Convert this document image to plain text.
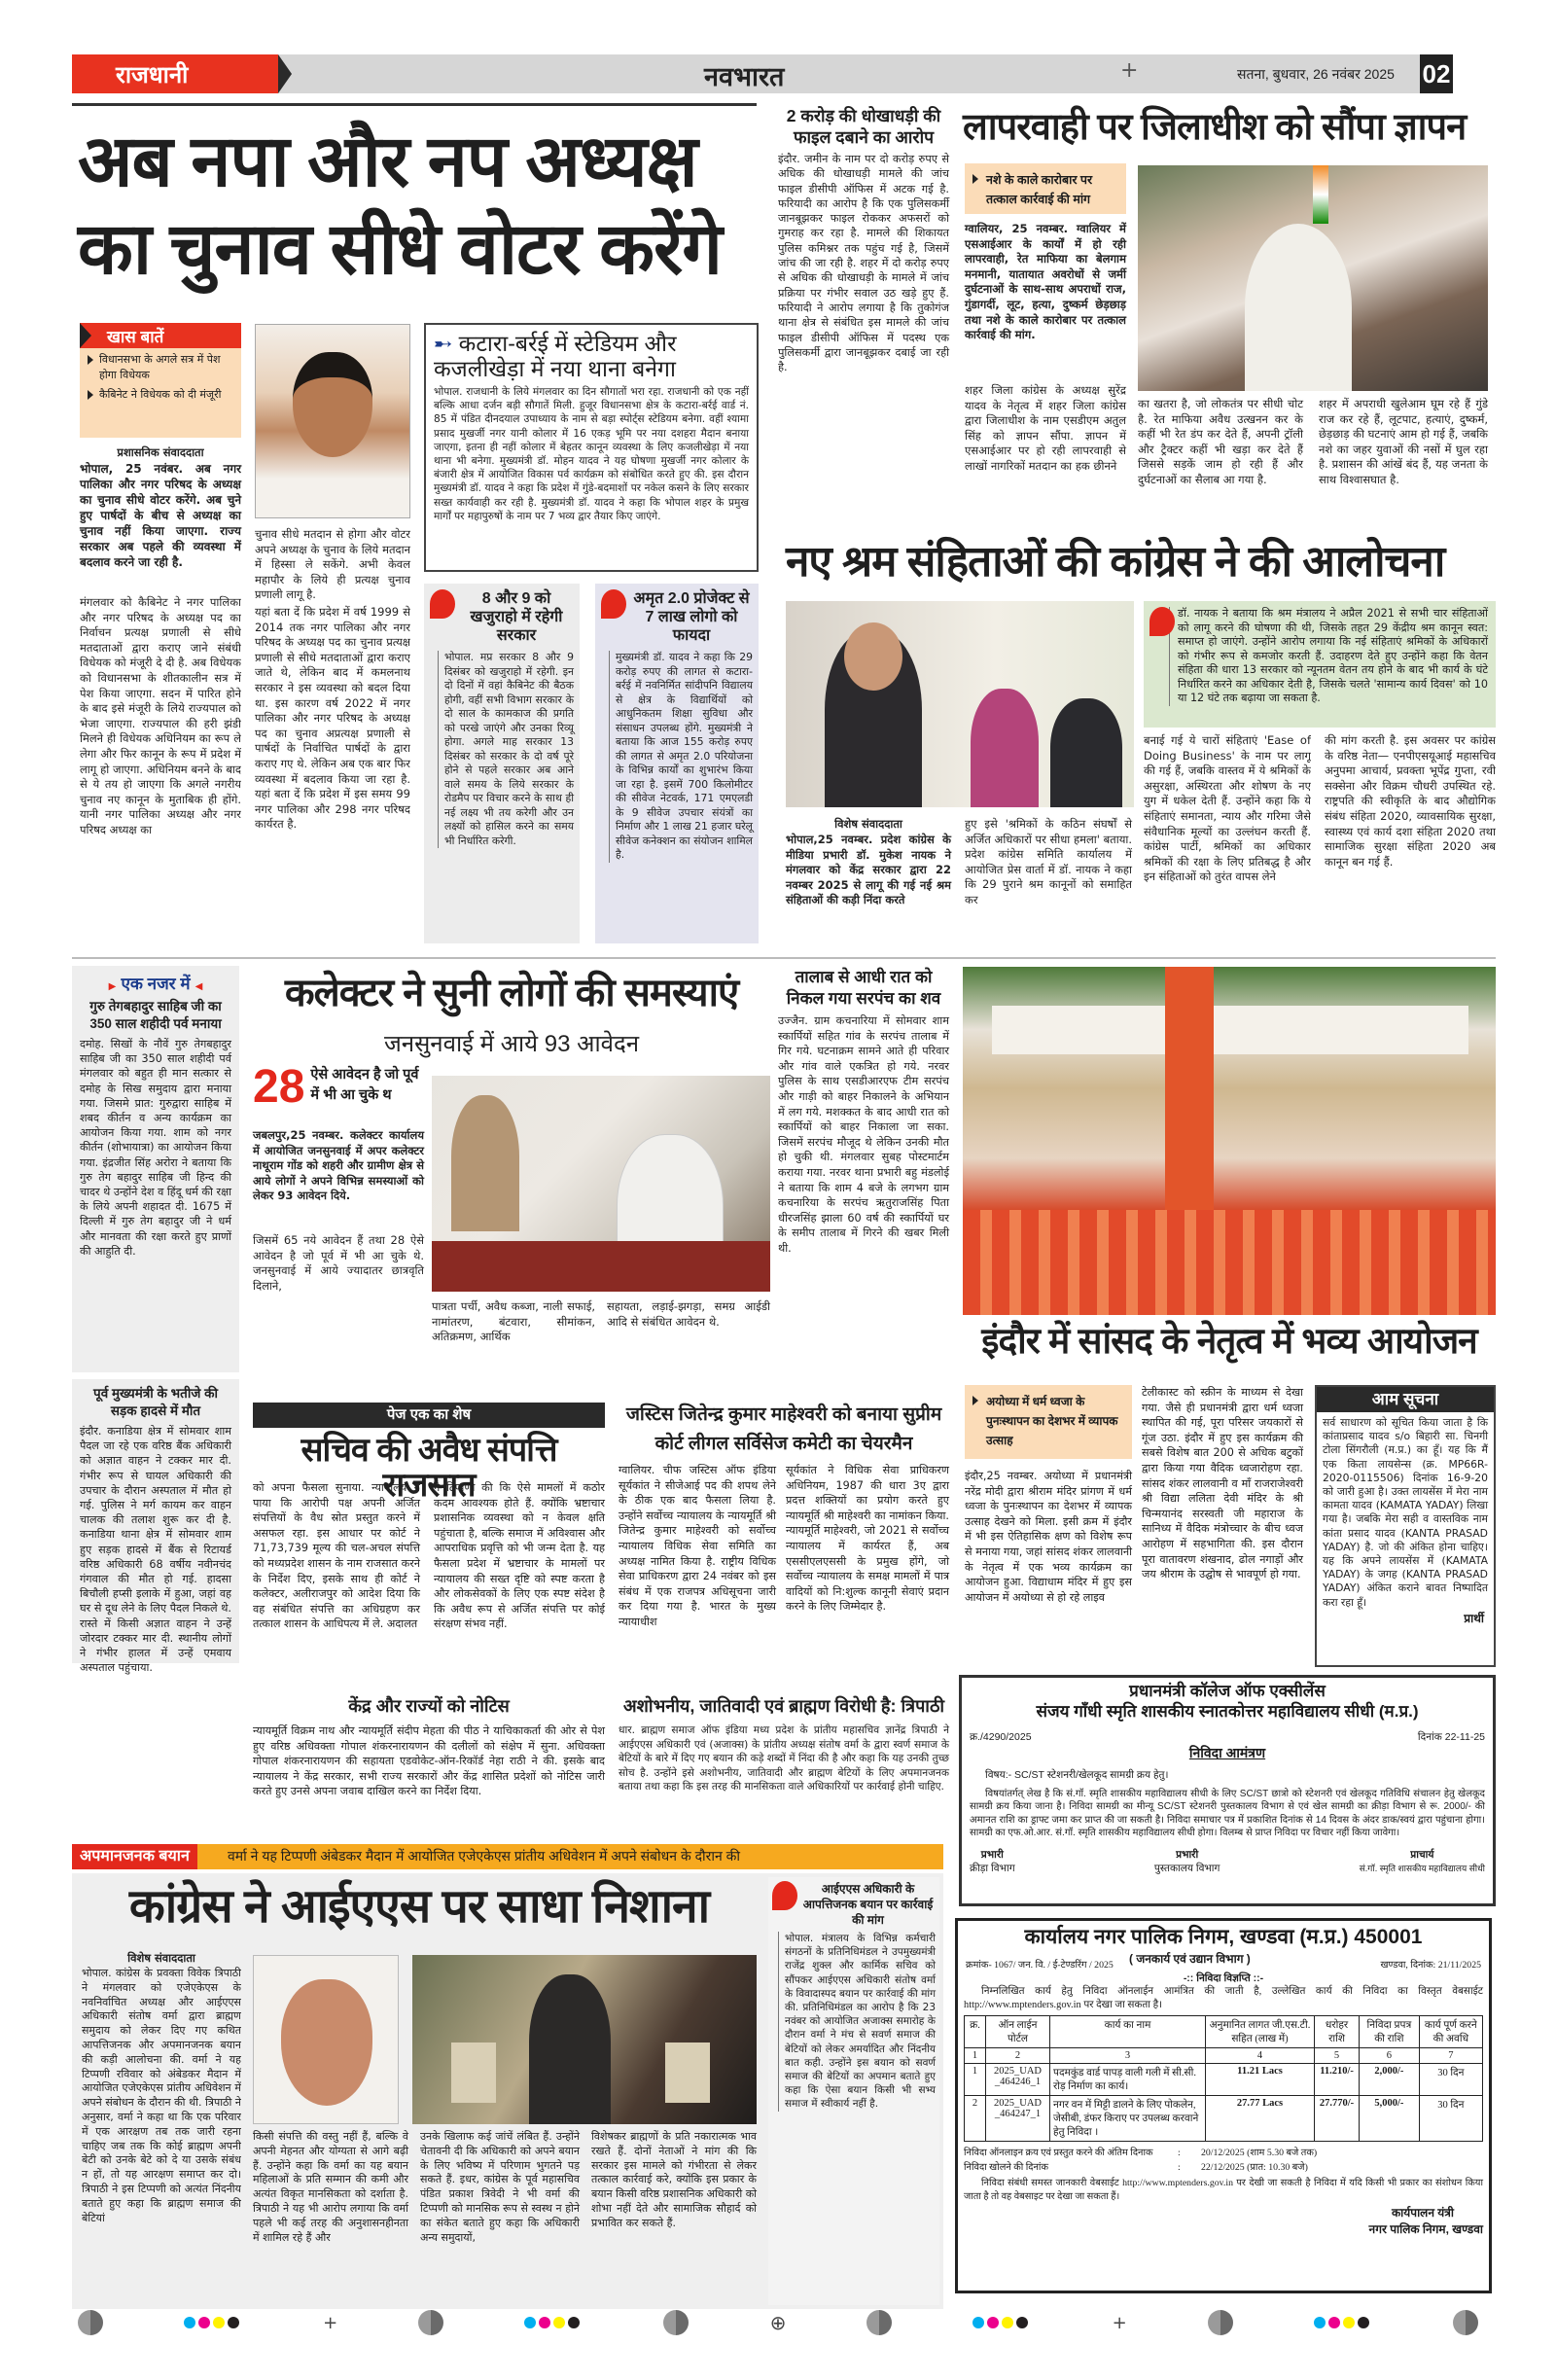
राजधानी	नवभारत	+	सतना, बुधवार, 26 नवंबर 2025 02
अब नपा और नप अध्यक्ष का चुनाव सीधे वोटर करेंगे
खास बातें
विधानसभा के अगले सत्र में पेश होगा विधेयक
कैबिनेट ने विधेयक को दी मंजूरी
प्रशासनिक संवाददाता
भोपाल, 25 नवंबर. अब नगर पालिका और नगर परिषद के अध्यक्ष का चुनाव सीधे वोटर करेंगे. अब चुने हुए पार्षदों के बीच से अध्यक्ष का चुनाव नहीं किया जाएगा. राज्य सरकार अब पहले की व्यवस्था में बदलाव करने जा रही है.
मंगलवार को कैबिनेट ने नगर पालिका और नगर परिषद के अध्यक्ष पद का निर्वाचन प्रत्यक्ष प्रणाली से सीधे मतदाताओं द्वारा कराए जाने संबंधी विधेयक को मंजूरी दे दी है. अब विधेयक को विधानसभा के शीतकालीन सत्र में पेश किया जाएगा. सदन में पारित होने के बाद इसे मंजूरी के लिये राज्यपाल को भेजा जाएगा. राज्यपाल की हरी झंडी मिलने ही विधेयक अधिनियम का रूप ले लेगा और फिर कानून के रूप में प्रदेश में लागू हो जाएगा. अधिनियम बनने के बाद से ये तय हो जाएगा कि अगले नगरीय चुनाव नए कानून के मुताबिक ही होंगे. यानी नगर पालिका अध्यक्ष और नगर परिषद अध्यक्ष का
चुनाव सीधे मतदान से होगा और वोटर अपने अध्यक्ष के चुनाव के लिये मतदान में हिस्सा ले सकेंगे. अभी केवल महापौर के लिये ही प्रत्यक्ष चुनाव प्रणाली लागू है.
यहां बता दें कि प्रदेश में वर्ष 1999 से 2014 तक नगर पालिका और नगर परिषद के अध्यक्ष पद का चुनाव प्रत्यक्ष प्रणाली से सीधे मतदाताओं द्वारा कराए जाते थे, लेकिन बाद में कमलनाथ सरकार ने इस व्यवस्था को बदल दिया था. इस कारण वर्ष 2022 में नगर पालिका और नगर परिषद के अध्यक्ष पद का चुनाव अप्रत्यक्ष प्रणाली से पार्षदों के निर्वाचित पार्षदों के द्वारा कराए गए थे. लेकिन अब एक बार फिर व्यवस्था में बदलाव किया जा रहा है. यहां बता दें कि प्रदेश में इस समय 99 नगर पालिका और 298 नगर परिषद कार्यरत है.
➸ कटारा-बर्रई में स्टेडियम और कजलीखेड़ा में नया थाना बनेगा
भोपाल. राजधानी के लिये मंगलवार का दिन सौगातों भरा रहा. राजधानी को एक नहीं बल्कि आधा दर्जन बड़ी सौगातें मिली. हुजूर विधानसभा क्षेत्र के कटारा-बर्रई वार्ड नं. 85 में पंडित दीनदयाल उपाध्याय के नाम से बड़ा स्पोर्ट्स स्टेडियम बनेगा. वहीं श्यामा प्रसाद मुखर्जी नगर यानी कोलार में 16 एकड़ भूमि पर नया दशहरा मैदान बनाया जाएगा, इतना ही नहीं कोलार में बेहतर कानून व्यवस्था के लिए कजलीखेड़ा में नया थाना भी बनेगा. मुख्यमंत्री डॉ. मोहन यादव ने यह घोषणा मुखर्जी नगर कोलार के बंजारी क्षेत्र में आयोजित विकास पर्व कार्यक्रम को संबोधित करते हुए की. इस दौरान मुख्यमंत्री डॉ. यादव ने कहा कि प्रदेश में गुंडे-बदमाशों पर नकेल कसने के लिए सरकार सख्त कार्यवाही कर रही है. मुख्यमंत्री डॉ. यादव ने कहा कि भोपाल शहर के प्रमुख मार्गों पर महापुरुषों के नाम पर 7 भव्य द्वार तैयार किए जाएंगे.
8 और 9 को खजुराहो में रहेगी सरकार
भोपाल. मप्र सरकार 8 और 9 दिसंबर को खजुराहो में रहेगी. इन दो दिनों में वहां कैबिनेट की बैठक होगी, वहीं सभी विभाग सरकार के दो साल के कामकाज की प्रगति को परखे जाएंगे और उनका रिव्यू होगा. अगले माह सरकार 13 दिसंबर को सरकार के दो वर्ष पूरे होने से पहले सरकार अब आने वाले समय के लिये सरकार के रोडमैप पर विचार करने के साथ ही नई लक्ष्य भी तय करेगी और उन लक्ष्यों को हासिल करने का समय भी निर्धारित करेगी.
अमृत 2.0 प्रोजेक्ट से 7 लाख लोगो को फायदा
मुख्यमंत्री डॉ. यादव ने कहा कि 29 करोड़ रुपए की लागत से कटारा-बर्रई में नवनिर्मित सांदीपनि विद्यालय से क्षेत्र के विद्यार्थियों को आधुनिकतम शिक्षा सुविधा और संसाधन उपलब्ध होंगे. मुख्यमंत्री ने बताया कि आज 155 करोड़ रुपए की लागत से अमृत 2.0 परियोजना के विभिन्न कार्यों का शुभारंभ किया जा रहा है. इसमें 700 किलोमीटर की सीवेज नेटवर्क, 171 एमएलडी के 9 सीवेज उपचार संयंत्रों का निर्माण और 1 लाख 21 हजार घरेलू सीवेज कनेक्शन का संयोजन शामिल है.
2 करोड़ की धोखाधड़ी की फाइल दबाने का आरोप
इंदौर. जमीन के नाम पर दो करोड़ रुपए से अधिक की धोखाधड़ी मामले की जांच फाइल डीसीपी ऑफिस में अटक गई है. फरियादी का आरोप है कि एक पुलिसकर्मी जानबूझकर फाइल रोककर अफसरों को गुमराह कर रहा है. मामले की शिकायत पुलिस कमिश्नर तक पहुंच गई है, जिसमें जांच की जा रही है. शहर में दो करोड़ रुपए से अधिक की धोखाधड़ी के मामले में जांच प्रक्रिया पर गंभीर सवाल उठ खड़े हुए हैं. फरियादी ने आरोप लगाया है कि तुकोगंज थाना क्षेत्र से संबंधित इस मामले की जांच फाइल डीसीपी ऑफिस में पदस्थ एक पुलिसकर्मी द्वारा जानबूझकर दबाई जा रही है.
लापरवाही पर जिलाधीश को सौंपा ज्ञापन
नशे के काले कारोबार पर तत्काल कार्रवाई की मांग
ग्वालियर, 25 नवम्बर. ग्वालियर में एसआईआर के कार्यों में हो रही लापरवाही, रेत माफिया का बेलगाम मनमानी, यातायात अवरोधों से जर्मी दुर्घटनाओं के साथ-साथ अपराधों राज, गुंडागर्दी, लूट, हत्या, दुष्कर्म छेड़छाड़ तथा नशे के काले कारोबार पर तत्काल कार्रवाई की मांग.
शहर जिला कांग्रेस के अध्यक्ष सुरेंद्र यादव के नेतृत्व में शहर जिला कांग्रेस द्वारा जिलाधीश के नाम एसडीएम अतुल सिंह को ज्ञापन सौंपा. ज्ञापन में एसआईआर पर हो रही लापरवाही से लाखों नागरिकों मतदान का हक छीनने
का खतरा है, जो लोकतंत्र पर सीधी चोट है. रेत माफिया अवैध उत्खनन कर के कहीं भी रेत डंप कर देते हैं, अपनी ट्रॉली और ट्रैक्टर कहीं भी खड़ा कर देते हैं जिससे सड़कें जाम हो रही हैं और दुर्घटनाओं का सैलाब आ गया है.
शहर में अपराधी खुलेआम घूम रहे हैं गुंडे राज कर रहे हैं, लूटपाट, हत्याएं, दुष्कर्म, छेड़छाड़ की घटनाएं आम हो गई हैं, जबकि नशे का जहर युवाओं की नसों में घुल रहा है. प्रशासन की आंखें बंद हैं, यह जनता के साथ विश्वासघात है.
नए श्रम संहिताओं की कांग्रेस ने की आलोचना
डॉ. नायक ने बताया कि श्रम मंत्रालय ने अप्रैल 2021 से सभी चार संहिताओं को लागू करने की घोषणा की थी, जिसके तहत 29 केंद्रीय श्रम कानून स्वत: समाप्त हो जाएंगे. उन्होंने आरोप लगाया कि नई संहिताएं श्रमिकों के अधिकारों को गंभीर रूप से कमजोर करती हैं. उदाहरण देते हुए उन्होंने कहा कि वेतन संहिता की धारा 13 सरकार को न्यूनतम वेतन तय होने के बाद भी कार्य के घंटे निर्धारित करने का अधिकार देती है, जिसके चलते 'सामान्य कार्य दिवस' को 10 या 12 घंटे तक बढ़ाया जा सकता है.
विशेष संवाददाता
भोपाल,25 नवम्बर. प्रदेश कांग्रेस के मीडिया प्रभारी डॉ. मुकेश नायक ने मंगलवार को केंद्र सरकार द्वारा 22 नवम्बर 2025 से लागू की गई नई श्रम संहिताओं की कड़ी निंदा करते
हुए इसे 'श्रमिकों के कठिन संघर्षों से अर्जित अधिकारों पर सीधा हमला' बताया. प्रदेश कांग्रेस समिति कार्यालय में आयोजित प्रेस वार्ता में डॉ. नायक ने कहा कि 29 पुराने श्रम कानूनों को समाहित कर
बनाई गई ये चारों संहिताएं 'Ease of Doing Business' के नाम पर लागू की गई हैं, जबकि वास्तव में ये श्रमिकों के असुरक्षा, अस्थिरता और शोषण के नए युग में धकेल देती हैं. उन्होंने कहा कि ये संहिताएं समानता, न्याय और गरिमा जैसे संवैधानिक मूल्यों का उल्लंघन करती हैं. कांग्रेस पार्टी, श्रमिकों का अधिकार श्रमिकों की रक्षा के लिए प्रतिबद्ध है और इन संहिताओं को तुरंत वापस लेने
की मांग करती है. इस अवसर पर कांग्रेस के वरिष्ठ नेता— एनपीएसयूआई महासचिव अनुपमा आचार्य, प्रवक्ता भूपेंद्र गुप्ता, रवी सक्सेना और विक्रम चौधरी उपस्थित रहे. राष्ट्रपति की स्वीकृति के बाद औद्योगिक संबंध संहिता 2020, व्यावसायिक सुरक्षा, स्वास्थ्य एवं कार्य दशा संहिता 2020 तथा सामाजिक सुरक्षा संहिता 2020 अब कानून बन गई हैं.
▶ एक नजर में ◀
गुरु तेगबहादुर साहिब जी का 350 साल शहीदी पर्व मनाया
दमोह. सिखों के नौवें गुरु तेगबहादुर साहिब जी का 350 साल शहीदी पर्व मंगलवार को बहुत ही मान सत्कार से दमोह के सिख समुदाय द्वारा मनाया गया. जिसमे प्रात: गुरुद्वारा साहिब में शबद कीर्तन व अन्य कार्यक्रम का आयोजन किया गया. शाम को नगर कीर्तन (शोभायात्रा) का आयोजन किया गया. इंद्रजीत सिंह अरोरा ने बताया कि गुरु तेग बहादुर साहिब जी हिन्द की चादर थे उन्होंने देश व हिंदू धर्म की रक्षा के लिये अपनी शहादत दी. 1675 में दिल्ली में गुरु तेग बहादुर जी ने धर्म और मानवता की रक्षा करते हुए प्राणों की आहुति दी.
पूर्व मुख्यमंत्री के भतीजे की सड़क हादसे में मौत
इंदौर. कनाडिया क्षेत्र में सोमवार शाम पैदल जा रहे एक वरिष्ठ बैंक अधिकारी को अज्ञात वाहन ने टक्कर मार दी. गंभीर रूप से घायल अधिकारी की उपचार के दौरान अस्पताल में मौत हो गई. पुलिस ने मर्ग कायम कर वाहन चालक की तलाश शुरू कर दी है. कनाडिया थाना क्षेत्र में सोमवार शाम हुए सड़क हादसे में बैंक से रिटायर्ड वरिष्ठ अधिकारी 68 वर्षीय नवीनचंद गंगवाल की मौत हो गई. हादसा बिचौली हप्सी इलाके में हुआ, जहां वह घर से दूध लेने के लिए पैदल निकले थे. रास्ते में किसी अज्ञात वाहन ने उन्हें जोरदार टक्कर मार दी. स्थानीय लोगों ने गंभीर हालत में उन्हें एमवाय अस्पताल पहुंचाया.
कलेक्टर ने सुनी लोगों की समस्याएं
जनसुनवाई में आये 93 आवेदन
28 ऐसे आवेदन है जो पूर्व में भी आ चुके थ
जबलपुर,25 नवम्बर. कलेक्टर कार्यालय में आयोजित जनसुनवाई में अपर कलेक्टर नाथूराम गोंड को शहरी और ग्रामीण क्षेत्र से आये लोगों ने अपने विभिन्न समस्याओं को लेकर 93 आवेदन दिये.
जिसमें 65 नये आवेदन हैं तथा 28 ऐसे आवेदन है जो पूर्व में भी आ चुके थे. जनसुनवाई में आये ज्यादातर छात्रवृति दिलाने,
पात्रता पर्ची, अवैध कब्जा, नाली सफाई, नामांतरण, बंटवारा, सीमांकन, अतिक्रमण, आर्थिक
सहायता, लड़ाई-झगड़ा, समग्र आईडी आदि से संबंधित आवेदन थे.
तालाब से आधी रात को निकल गया सरपंच का शव
उज्जैन. ग्राम कचनारिया में सोमवार शाम स्कार्पियों सहित गांव के सरपंच तालाब में गिर गये. घटनाक्रम सामने आते ही परिवार और गांव वाले एकत्रित हो गये. नरवर पुलिस के साथ एसडीआरएफ टीम सरपंच और गाड़ी को बाहर निकालने के अभियान में लग गये. मशक्कत के बाद आधी रात को स्कार्पियों को बाहर निकाला जा सका. जिसमें सरपंच मौजूद थे लेकिन उनकी मौत हो चुकी थी. मंगलवार सुबह पोस्टमार्टम कराया गया. नरवर थाना प्रभारी बहु मंडलोई ने बताया कि शाम 4 बजे के लगभग ग्राम कचनारिया के सरपंच ऋतुराजसिंह पिता धीरजसिंह झाला 60 वर्ष की स्कार्पियों घर के समीप तालाब में गिरने की खबर मिली थी.
इंदौर में सांसद के नेतृत्व में भव्य आयोजन
अयोध्या में धर्म ध्वजा के पुनःस्थापन का देशभर में व्यापक उत्साह
इंदौर,25 नवम्बर. अयोध्या में प्रधानमंत्री नरेंद्र मोदी द्वारा श्रीराम मंदिर प्रांगण में धर्म ध्वजा के पुनःस्थापन का देशभर में व्यापक उत्साह देखने को मिला. इसी क्रम में इंदौर में भी इस ऐतिहासिक क्षण को विशेष रूप से मनाया गया, जहां सांसद शंकर लालवानी के नेतृत्व में एक भव्य कार्यक्रम का आयोजन हुआ. विद्याधाम मंदिर में हुए इस आयोजन में अयोध्या से हो रहे लाइव
टेलीकास्ट को स्क्रीन के माध्यम से देखा गया. जैसे ही प्रधानमंत्री द्वारा धर्म ध्वजा स्थापित की गई, पूरा परिसर जयकारों से गूंज उठा. इंदौर में हुए इस कार्यक्रम की सबसे विशेष बात 200 से अधिक बटुकों द्वारा किया गया वैदिक ध्वजारोहण रहा. सांसद शंकर लालवानी व माँ राजराजेश्वरी श्री विद्या ललिता देवी मंदिर के श्री चिन्मयानंद सरस्वती जी महाराज के सानिध्य में वैदिक मंत्रोच्चार के बीच ध्वज आरोहण में सहभागिता की. इस दौरान पूरा वातावरण शंखनाद, ढोल नगाड़ों और जय श्रीराम के उद्घोष से भावपूर्ण हो गया.
आम सूचना
सर्व साधारण को सूचित किया जाता है कि कांताप्रसाद यादव s/o बिहारी सा. चिनगी टोला सिंगरौली (म.प्र.) का हूँ। यह कि मैं एक किता लायसेन्स (क्र. MP66R-2020-0115506) दिनांक 16-9-20 को जारी हुआ है। उक्त लायसेंस में मेरा नाम कामता यादव (KAMATA YADAY) लिखा गया है। जबकि मेरा सही व वास्तविक नाम कांता प्रसाद यादव (KANTA PRASAD YADAY) है. जो की अंकित होना चाहिए। यह कि अपने लायसेंस में (KAMATA YADAY) के जगह (KANTA PRASAD YADAY) अंकित कराने बावत निष्पादित करा रहा हूँ।
प्रार्थी
पेज एक का शेष
सचिव की अवैध संपत्ति राजसात
को अपना फैसला सुनाया. न्यायालय ने पाया कि आरोपी पक्ष अपनी अर्जित संपत्तियों के वैध स्रोत प्रस्तुत करने में असफल रहा. इस आधार पर कोर्ट ने 71,73,739 मूल्य की चल-अचल संपत्ति को मध्यप्रदेश शासन के नाम राजसात करने के निर्देश दिए, इसके साथ ही कोर्ट ने कलेक्टर, अलीराजपुर को आदेश दिया कि वह संबंधित संपत्ति का अधिग्रहण कर तत्काल शासन के आधिपत्य में ले. अदालत
ने टिप्पणी की कि ऐसे मामलों में कठोर कदम आवश्यक होते हैं. क्योंकि भ्रष्टाचार प्रशासनिक व्यवस्था को न केवल क्षति पहुंचाता है, बल्कि समाज में अविश्वास और आपराधिक प्रवृत्ति को भी जन्म देता है. यह फैसला प्रदेश में भ्रष्टाचार के मामलों पर न्यायालय की सख्त दृष्टि को स्पष्ट करता है और लोकसेवकों के लिए एक स्पष्ट संदेश है कि अवैध रूप से अर्जित संपत्ति पर कोई संरक्षण संभव नहीं.
केंद्र और राज्यों को नोटिस
न्यायमूर्ति विक्रम नाथ और न्यायमूर्ति संदीप मेहता की पीठ ने याचिकाकर्ता की ओर से पेश हुए वरिष्ठ अधिवक्ता गोपाल शंकरनारायणन की दलीलों को संक्षेप में सुना. अधिवक्ता गोपाल शंकरनारायणन की सहायता एडवोकेट-ऑन-रिकॉर्ड नेहा राठी ने की. इसके बाद न्यायालय ने केंद्र सरकार, सभी राज्य सरकारों और केंद्र शासित प्रदेशों को नोटिस जारी करते हुए उनसे अपना जवाब दाखिल करने का निर्देश दिया.
जस्टिस जितेन्द्र कुमार माहेश्वरी को बनाया सुप्रीम कोर्ट लीगल सर्विसेज कमेटी का चेयरमैन
ग्वालियर. चीफ जस्टिस ऑफ इंडिया सूर्यकांत ने सीजेआई पद की शपथ लेने के ठीक एक बाद फैसला लिया है. उन्होंने सर्वोच्च न्यायालय के न्यायमूर्ति श्री जितेन्द्र कुमार माहेश्वरी को सर्वोच्च न्यायालय विधिक सेवा समिति का अध्यक्ष नामित किया है. राष्ट्रीय विधिक सेवा प्राधिकरण द्वारा 24 नवंबर को इस संबंध में एक राजपत्र अधिसूचना जारी कर दिया गया है. भारत के मुख्य न्यायाधीश
सूर्यकांत ने विधिक सेवा प्राधिकरण अधिनियम, 1987 की धारा 3ए द्वारा प्रदत्त शक्तियों का प्रयोग करते हुए न्यायमूर्ति श्री माहेश्वरी का नामांकन किया. न्यायमूर्ति माहेश्वरी, जो 2021 से सर्वोच्च न्यायालय में कार्यरत हैं, अब एससीएलएससी के प्रमुख होंगे, जो सर्वोच्च न्यायालय के समक्ष मामलों में पात्र वादियों को नि:शुल्क कानूनी सेवाएं प्रदान करने के लिए जिम्मेदार है.
अशोभनीय, जातिवादी एवं ब्राह्मण विरोधी है: त्रिपाठी
धार. ब्राह्मण समाज ऑफ इंडिया मध्य प्रदेश के प्रांतीय महासचिव ज्ञानेंद्र त्रिपाठी ने आईएएस अधिकारी एवं (अजाक्स) के प्रांतीय अध्यक्ष संतोष वर्मा के द्वारा स्वर्ण समाज के बेटियों के बारे में दिए गए बयान की कड़े शब्दों में निंदा की है और कहा कि यह उनकी तुच्छ सोच है. उन्होंने इसे अशोभनीय, जातिवादी और ब्राह्मण बेटियों के लिए अपमानजनक बताया तथा कहा कि इस तरह की मानसिकता वाले अधिकारियों पर कार्रवाई होनी चाहिए.
प्रधानमंत्री कॉलेज ऑफ एक्सीलेंस
संजय गाँधी स्मृति शासकीय स्नातकोत्तर महाविद्यालय सीधी (म.प्र.)
क्र./4290/2025	दिनांक 22-11-25
निविदा आमंत्रण
विषय:- SC/ST स्टेशनरी/खेलकूद सामग्री क्रय हेतु।
विषयांतर्गत् लेख है कि सं.गॉ. स्मृति शासकीय महाविद्यालय सीधी के लिए SC/ST छात्रो को स्टेशनरी एवं खेलकूद गतिविधि संचालन हेतु खेलकूद सामग्री क्रय किया जाना है। निविदा सामग्री का मीन्यू SC/ST स्टेशनरी पुस्तकालय विभाग से एवं खेल सामग्री का क्रीड़ा विभाग से रू. 2000/- की अमानत राशि का ड्राफ्ट जमा कर प्राप्त की जा सकती है। निविदा समाचार पत्र में प्रकाशित दिनांक से 14 दिवस के अंदर डाक/स्वयं द्वारा पहुंचाना होगा। सामग्री का एफ.ओ.आर. सं.गॉ. स्मृति शासकीय महाविद्यालय सीधी होगा। विलम्ब से प्राप्त निविदा पर विचार नहीं किया जावेगा।
प्रभारी
क्रीड़ा विभाग
प्रभारी
पुस्तकालय विभाग
प्राचार्य
सं.गॉ. स्मृति शासकीय महाविद्यालय सीधी
कार्यालय नगर पालिक निगम, खण्डवा (म.प्र.) 450001
क्रमांक- 1067/ जन. वि. / ई-टेण्डरिंग / 2025 ( जनकार्य एवं उद्यान विभाग )	खण्डवा, दिनांक: 21/11/2025
-:: निविदा विज्ञप्ति ::-
निम्नलिखित कार्य हेतु निविदा ऑनलाईन आमंत्रित की जाती है, उल्लेखित कार्य की निविदा का विस्तृत वेबसाईट http://www.mptenders.gov.in पर देखा जा सकता है।
क्र.	ऑन लाईन पोर्टल	कार्य का नाम	अनुमानित लागत जी.एस.टी. सहित (लाख में)	धरोहर राशि	निविदा प्रपत्र की राशि	कार्य पूर्ण करने की अवधि
1	2	3	4	5	6	7
1	2025_UAD _464246_1	पदमकुंड वार्ड पापड़ वाली गली में सी.सी. रोड़ निर्माण का कार्य।	11.21 Lacs	11.210/-	2,000/-	30 दिन
2	2025_UAD _464247_1	नगर वन में मिट्टी डालने के लिए पोकलेन, जेसीबी, डंफर किराए पर उपलब्ध करवाने हेतु निविदा ।	27.77 Lacs	27.770/-	5,000/-	30 दिन
निविदा ऑनलाइन क्रय एवं प्रस्तुत करने की अंतिम दिनाक	:	20/12/2025 (शाम 5.30 बजे तक)
निविदा खोलने की दिनांक	:	22/12/2025 (प्रात: 10.30 बजे)
निविदा संबंधी समस्त जानकारी वेबसाईट http://www.mptenders.gov.in पर देखी जा सकती है निविदा में यदि किसी भी प्रकार का संशोधन किया जाता है तो वह वेबसाइट पर देखा जा सकता हैं।
कार्यपालन यंत्री
नगर पालिक निगम, खण्डवा
अपमानजनक बयान	वर्मा ने यह टिप्पणी अंबेडकर मैदान में आयोजित एजेएकेएस प्रांतीय अधिवेशन में अपने संबोधन के दौरान की
कांग्रेस ने आईएएस पर साधा निशाना
विशेष संवाददाता
भोपाल. कांग्रेस के प्रवक्ता विवेक त्रिपाठी ने मंगलवार को एजेएकेएस के नवनिर्वाचित अध्यक्ष और आईएएस अधिकारी संतोष वर्मा द्वारा ब्राह्मण समुदाय को लेकर दिए गए कथित आपत्तिजनक और अपमानजनक बयान की कड़ी आलोचना की. वर्मा ने यह टिप्पणी रविवार को अंबेडकर मैदान में आयोजित एजेएकेएस प्रांतीय अधिवेशन में अपने संबोधन के दौरान की थी. त्रिपाठी ने अनुसार, वर्मा ने कहा था कि एक परिवार में एक आरक्षण तब तक जारी रहना चाहिए जब तक कि कोई ब्राह्मण अपनी बेटी को उनके बेटे को दे या उसके संबंध न हों, तो यह आरक्षण समाप्त कर दो। त्रिपाठी ने इस टिप्पणी को अत्यंत निंदनीय बताते हुए कहा कि ब्राह्मण समाज की बेटियां
किसी संपत्ति की वस्तु नहीं हैं, बल्कि वे अपनी मेहनत और योग्यता से आगे बढ़ी हैं. उन्होंने कहा कि वर्मा का यह बयान महिलाओं के प्रति सम्मान की कमी और अत्यंत विकृत मानसिकता को दर्शाता है. त्रिपाठी ने यह भी आरोप लगाया कि वर्मा पहले भी कई तरह की अनुशासनहीनता में शामिल रहे हैं और
उनके खिलाफ कई जांचें लंबित हैं. उन्होंने चेतावनी दी कि अधिकारी को अपने बयान के लिए भविष्य में परिणाम भुगतने पड़ सकते हैं. इधर, कांग्रेस के पूर्व महासचिव पंडित प्रकाश त्रिवेदी ने भी वर्मा की टिप्पणी को मानसिक रूप से स्वस्थ न होने का संकेत बताते हुए कहा कि अधिकारी अन्य समुदायों,
विशेषकर ब्राह्मणों के प्रति नकारात्मक भाव रखते हैं. दोनों नेताओं ने मांग की कि सरकार इस मामले को गंभीरता से लेकर तत्काल कार्रवाई करे, क्योंकि इस प्रकार के बयान किसी वरिष्ठ प्रशासनिक अधिकारी को शोभा नहीं देते और सामाजिक सौहार्द को प्रभावित कर सकते हैं.
आईएएस अधिकारी के आपत्तिजनक बयान पर कार्रवाई की मांग
भोपाल. मंत्रालय के विभिन्न कर्मचारी संगठनों के प्रतिनिधिमंडल ने उपमुख्यमंत्री राजेंद्र शुक्ल और कार्मिक सचिव को सौंपकर आईएएस अधिकारी संतोष वर्मा के विवादास्पद बयान पर कार्रवाई की मांग की. प्रतिनिधिमंडल का आरोप है कि 23 नवंबर को आयोजित अजाक्स समारोह के दौरान वर्मा ने मंच से सवर्ण समाज की बेटियों को लेकर अमर्यादित और निंदनीय बात कही. उन्होंने इस बयान को सवर्ण समाज की बेटियों का अपमान बताते हुए कहा कि ऐसा बयान किसी भी सभ्य समाज में स्वीकार्य नहीं है.
+	⊕	+
